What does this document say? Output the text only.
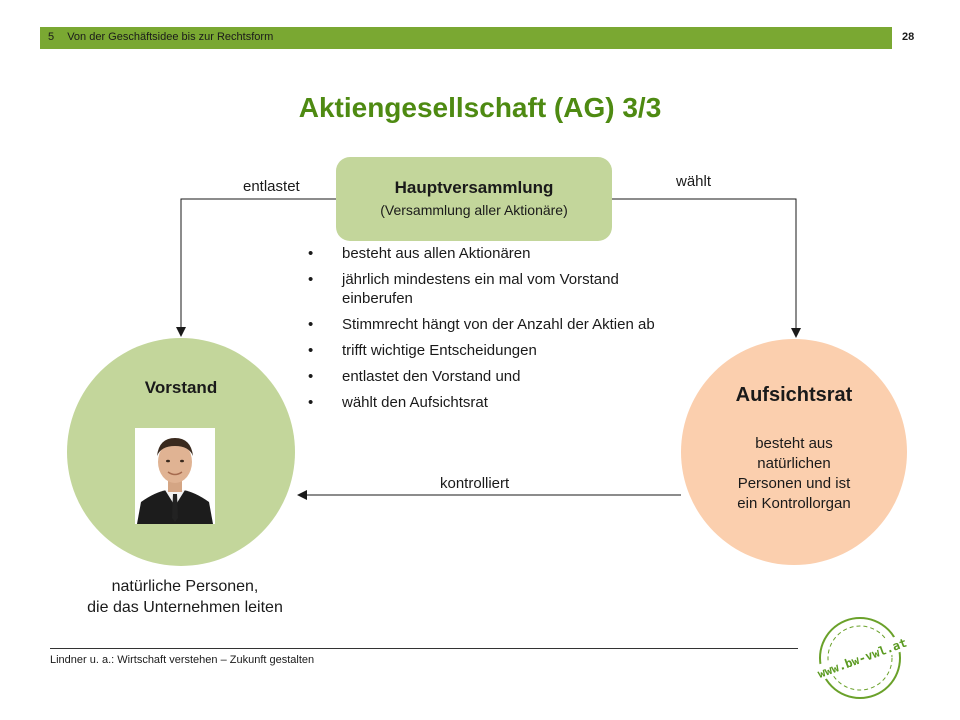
5 Von der Geschäftsidee bis zur Rechtsform	28
Aktiengesellschaft (AG) 3/3
Hauptversammlung
(Versammlung aller Aktionäre)
entlastet	wählt
kontrolliert
• besteht aus allen Aktionären
• jährlich mindestens ein mal vom Vorstand einberufen
• Stimmrecht hängt von der Anzahl der Aktien ab
• trifft wichtige Entscheidungen
• entlastet den Vorstand und
• wählt den Aufsichtsrat
Vorstand
natürliche Personen,
die das Unternehmen leiten
Aufsichtsrat
besteht aus
natürlichen
Personen und ist
ein Kontrollorgan
Lindner u. a.: Wirtschaft verstehen – Zukunft gestalten	www.bw-vwl.at
